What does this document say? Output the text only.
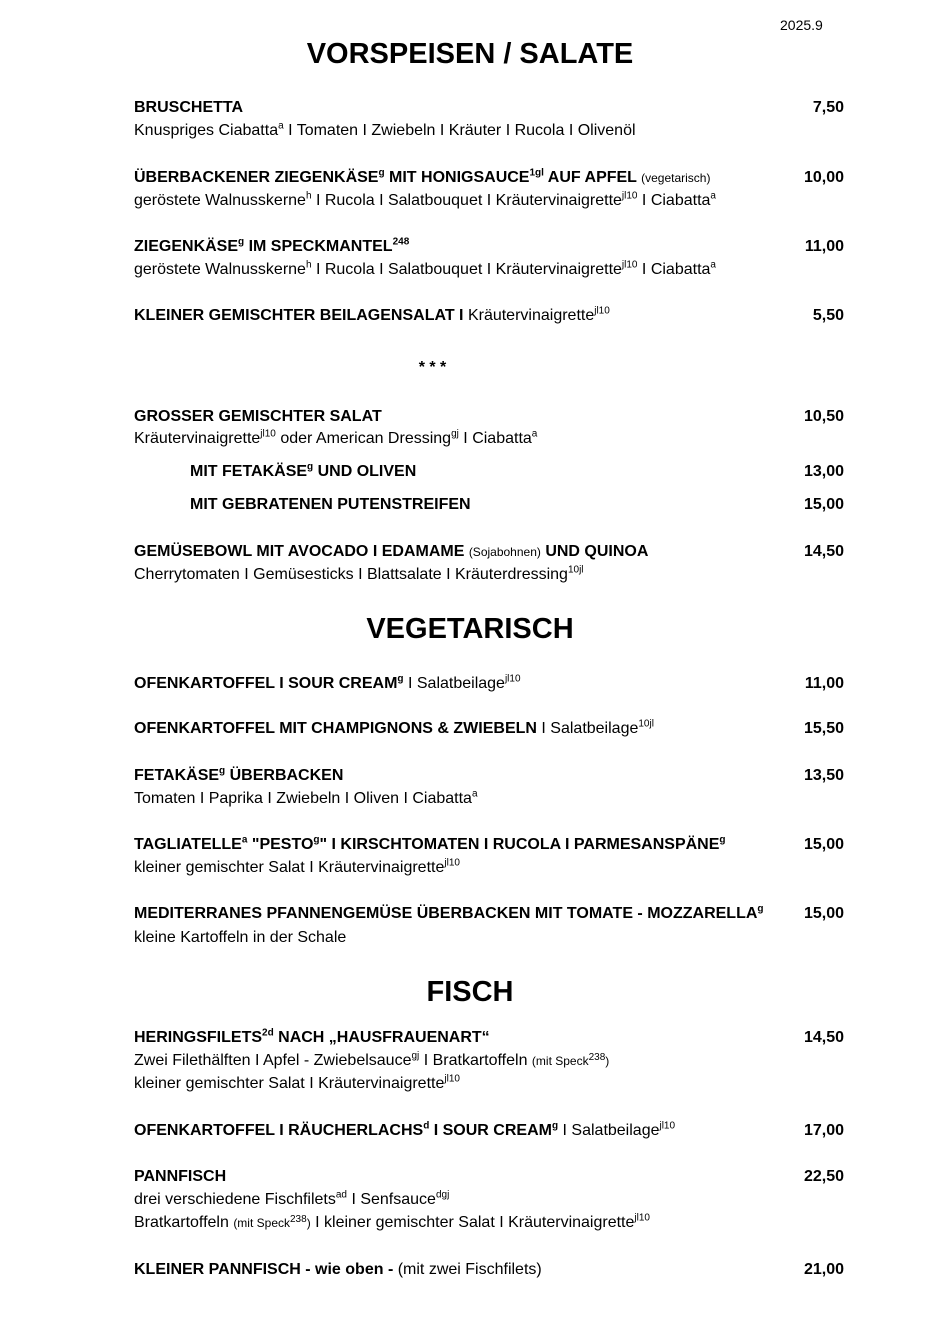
2025.9
VORSPEISEN / SALATE
BRUSCHETTA	7,50
Knuspriges Ciabatta$^a$ I Tomaten I Zwiebeln I Kräuter I Rucola I Olivenöl
ÜBERBACKENER ZIEGENKÄSE$^g$ MIT $HONIGSAUCE^{1gl}$ AUF APFEL (vegetarisch)	10,00
geröstete Walnusskerne$^h$ I Rucola I Salatbouquet I Kräutervinaigrette$^{jl10}$ I Ciabatta$^a$
ZIEGENKÄSE$^g$ IM SPECKMANTEL$^{248}$	11,00
geröstete Walnusskerne$^h$ I Rucola I Salatbouquet I Kräutervinaigrette$^{jl10}$ I Ciabatta$^a$
KLEINER GEMISCHTER BEILAGENSALAT I Kräutervinaigrette$^{jl10}$	5,50
* * *
GROSSER GEMISCHTER SALAT	10,50
Kräutervinaigrette$^{jl10}$ oder American Dressing$^{gj}$ I Ciabatta$^a$
MIT FETAKÄSE$^g$ UND OLIVEN	13,00
MIT GEBRATENEN PUTENSTREIFEN	15,00
GEMÜSEBOWL MIT AVOCADO I EDAMAME (Sojabohnen) UND QUINOA	14,50
Cherrytomaten I Gemüsesticks I Blattsalate I Kräuterdressing$^{10jl}$
VEGETARISCH
OFENKARTOFFEL I SOUR CREAM$^g$ I Salatbeilage$^{jl10}$	11,00
OFENKARTOFFEL MIT CHAMPIGNONS & ZWIEBELN I Salatbeilage$^{10jl}$	15,50
FETAKÄSE$^g$ ÜBERBACKEN	13,50
Tomaten I Paprika I Zwiebeln I Oliven I Ciabatta$^a$
TAGLIATELLE$^a$ "PESTO$^g$" I KIRSCHTOMATEN I RUCOLA I PARMESANSPÄNE$^g$	15,00
kleiner gemischter Salat I Kräutervinaigrette$^{jl10}$
MEDITERRANES PFANNENGEMÜSE ÜBERBACKEN MIT TOMATE - MOZZARELLA$^g$	15,00
kleine Kartoffeln in der Schale
FISCH
$HERINGSFILETS^{2d}$ NACH „HAUSFRAUENART“	14,50
Zwei Filethälften I Apfel - Zwiebelsauce$^{gj}$ I Bratkartoffeln (mit Speck$^{238}$)
kleiner gemischter Salat I Kräutervinaigrette$^{jl10}$
OFENKARTOFFEL I RÄUCHERLACHS$^d$ I SOUR CREAM$^g$ I Salatbeilage$^{jl10}$	17,00
PANNFISCH	22,50
drei verschiedene Fischfilets$^{ad}$ I Senfsauce$^{dgj}$
Bratkartoffeln (mit Speck$^{238}$) I kleiner gemischter Salat I Kräutervinaigrette$^{jl10}$
KLEINER PANNFISCH - wie oben - (mit zwei Fischfilets)	21,00
